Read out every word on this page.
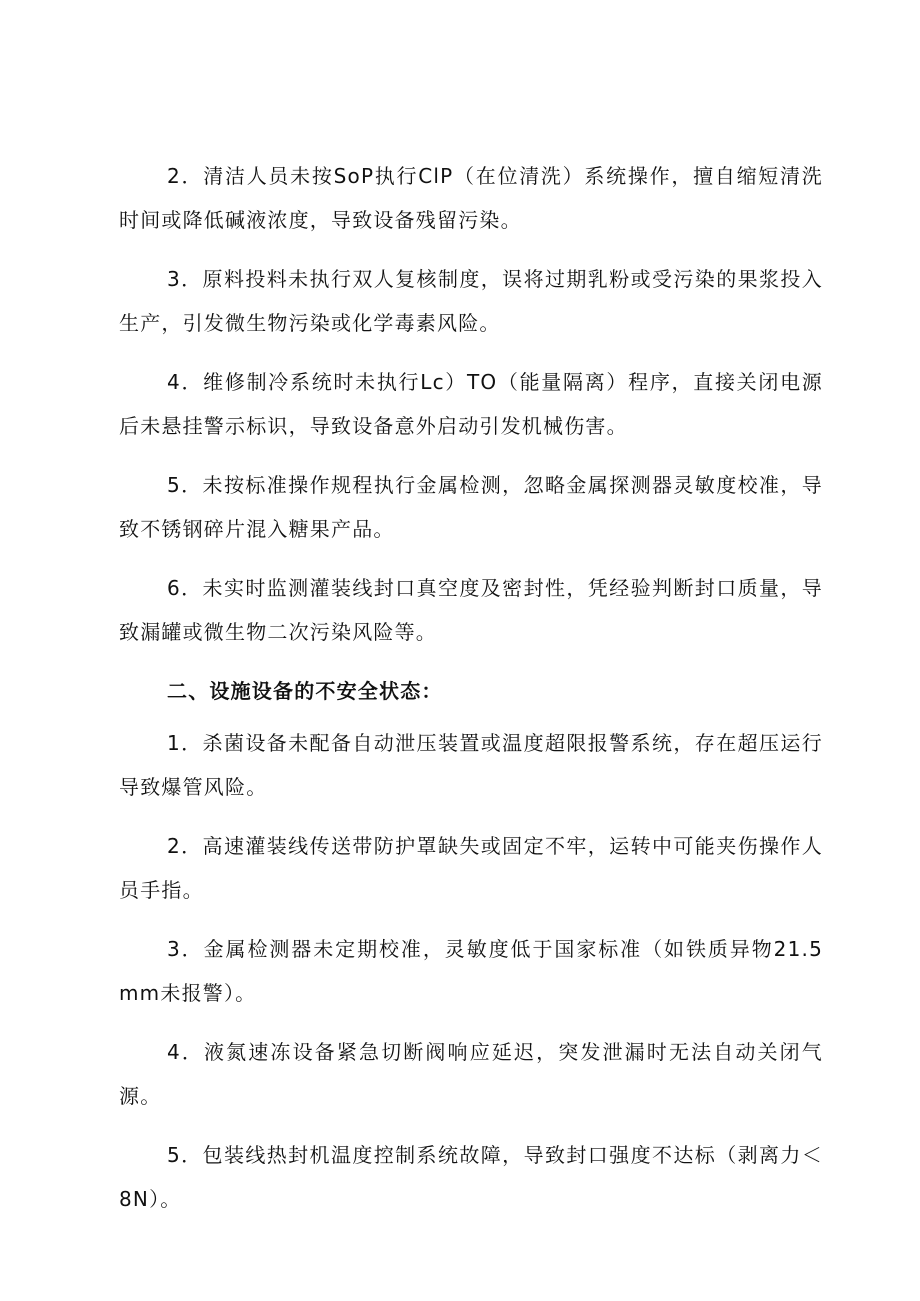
2．清洁人员未按SoP执行ClP（在位清洗）系统操作，擅自缩短清洗时间或降低碱液浓度，导致设备残留污染。

3．原料投料未执行双人复核制度，误将过期乳粉或受污染的果浆投入生产，引发微生物污染或化学毒素风险。

4．维修制冷系统时未执行Lc）TO（能量隔离）程序，直接关闭电源后未悬挂警示标识，导致设备意外启动引发机械伤害。

5．未按标准操作规程执行金属检测，忽略金属探测器灵敏度校准，导致不锈钢碎片混入糖果产品。

6．未实时监测灌装线封口真空度及密封性，凭经验判断封口质量，导致漏罐或微生物二次污染风险等。

二、设施设备的不安全状态：

1．杀菌设备未配备自动泄压装置或温度超限报警系统，存在超压运行导致爆管风险。

2．高速灌装线传送带防护罩缺失或固定不牢，运转中可能夹伤操作人员手指。

3．金属检测器未定期校准，灵敏度低于国家标准（如铁质异物21.5mm未报警）。

4．液氮速冻设备紧急切断阀响应延迟，突发泄漏时无法自动关闭气源。

5．包装线热封机温度控制系统故障，导致封口强度不达标（剥离力＜8N）。
